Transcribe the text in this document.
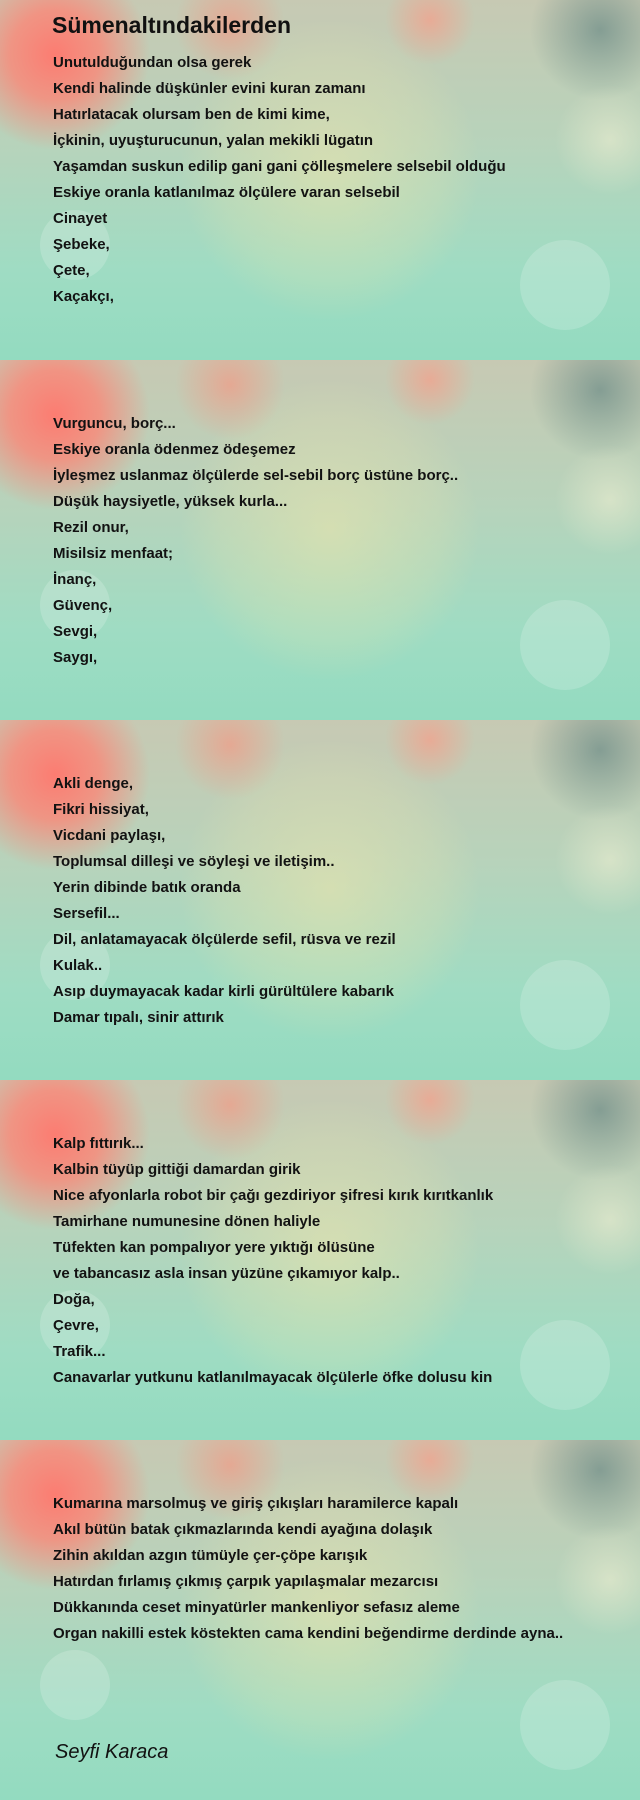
Sümenaltındakilerden
Unutulduğundan olsa gerek
Kendi halinde düşkünler evini kuran zamanı
Hatırlatacak olursam ben de kimi kime,
İçkinin, uyuşturucunun, yalan mekikli lügatın
Yaşamdan suskun edilip gani gani çölleşmelere selsebil olduğu
Eskiye oranla katlanılmaz ölçülere varan selsebil
Cinayet
Şebeke,
Çete,
Kaçakçı,
Vurguncu, borç...
Eskiye oranla ödenmez ödeşemez
İyleşmez uslanmaz ölçülerde sel-sebil borç üstüne borç..
Düşük haysiyetle, yüksek kurla...
Rezil onur,
Misilsiz menfaat;
İnanç,
Güvenç,
Sevgi,
Saygı,
Akli denge,
Fikri hissiyat,
Vicdani paylaşı,
Toplumsal dilleşi ve söyleşi ve iletişim..
Yerin dibinde batık oranda
Sersefil...
Dil, anlatamayacak ölçülerde sefil, rüsva ve rezil
Kulak..
Asıp duymayacak kadar kirli gürültülere kabarık
Damar tıpalı, sinir attırık
Kalp fıttırık...
Kalbin tüyüp gittiği damardan girik
Nice afyonlarla robot bir çağı gezdiriyor şifresi kırık kırıtkanlık
Tamirhane numunesine dönen haliyle
Tüfekten kan pompalıyor yere yıktığı ölüsüne
ve tabancasız asla insan yüzüne çıkamıyor kalp..
Doğa,
Çevre,
Trafik...
Canavarlar yutkunu katlanılmayacak ölçülerle öfke dolusu kin
Kumarına marsolmuş ve giriş çıkışları haramilerce kapalı
Akıl bütün batak çıkmazlarında kendi ayağına dolaşık
Zihin akıldan azgın tümüyle çer-çöpe karışık
Hatırdan fırlamış çıkmış çarpık yapılaşmalar mezarcısı
Dükkanında ceset minyatürler mankenliyor sefasız aleme
Organ nakilli estek köstekten cama kendini beğendirme derdinde ayna..
Seyfi Karaca
